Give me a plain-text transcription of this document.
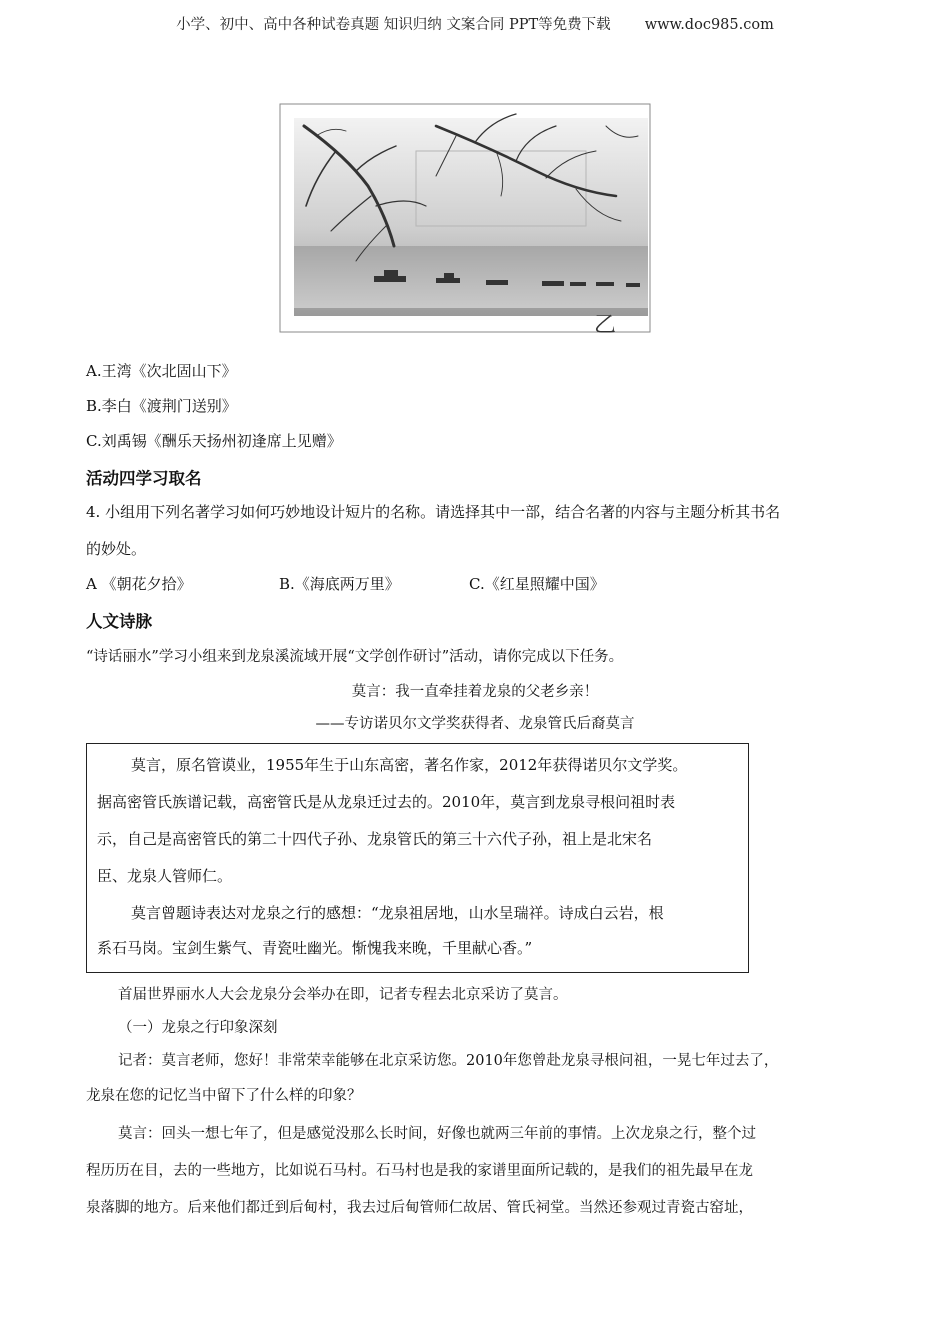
小学、初中、高中各种试卷真题 知识归纳 文案合同 PPT等免费下载 www.doc985.com
乙
A.王湾《次北固山下》
B.李白《渡荆门送别》
C.刘禹锡《酬乐天扬州初逢席上见赠》
活动四学习取名
4. 小组用下列名著学习如何巧妙地设计短片的名称。请选择其中一部，结合名著的内容与主题分析其书名
的妙处。
A 《朝花夕拾》	B.《海底两万里》	C.《红星照耀中国》
人文诗脉
“诗话丽水”学习小组来到龙泉溪流域开展“文学创作研讨”活动，请你完成以下任务。
莫言：我一直牵挂着龙泉的父老乡亲！
——专访诺贝尔文学奖获得者、龙泉管氏后裔莫言
莫言，原名管谟业，1955年生于山东高密，著名作家，2012年获得诺贝尔文学奖。
据高密管氏族谱记载，高密管氏是从龙泉迁过去的。2010年，莫言到龙泉寻根问祖时表
示，自己是高密管氏的第二十四代子孙、龙泉管氏的第三十六代子孙，祖上是北宋名
臣、龙泉人管师仁。
莫言曾题诗表达对龙泉之行的感想：“龙泉祖居地，山水呈瑞祥。诗成白云岩，根
系石马岗。宝剑生紫气、青瓷吐幽光。惭愧我来晚，千里献心香。”
首届世界丽水人大会龙泉分会举办在即，记者专程去北京采访了莫言。
（一）龙泉之行印象深刻
记者：莫言老师，您好！非常荣幸能够在北京采访您。2010年您曾赴龙泉寻根问祖，一晃七年过去了，
龙泉在您的记忆当中留下了什么样的印象？
莫言：回头一想七年了，但是感觉没那么长时间，好像也就两三年前的事情。上次龙泉之行，整个过
程历历在目，去的一些地方，比如说石马村。石马村也是我的家谱里面所记载的，是我们的祖先最早在龙
泉落脚的地方。后来他们都迁到后甸村，我去过后甸管师仁故居、管氏祠堂。当然还参观过青瓷古窑址，
